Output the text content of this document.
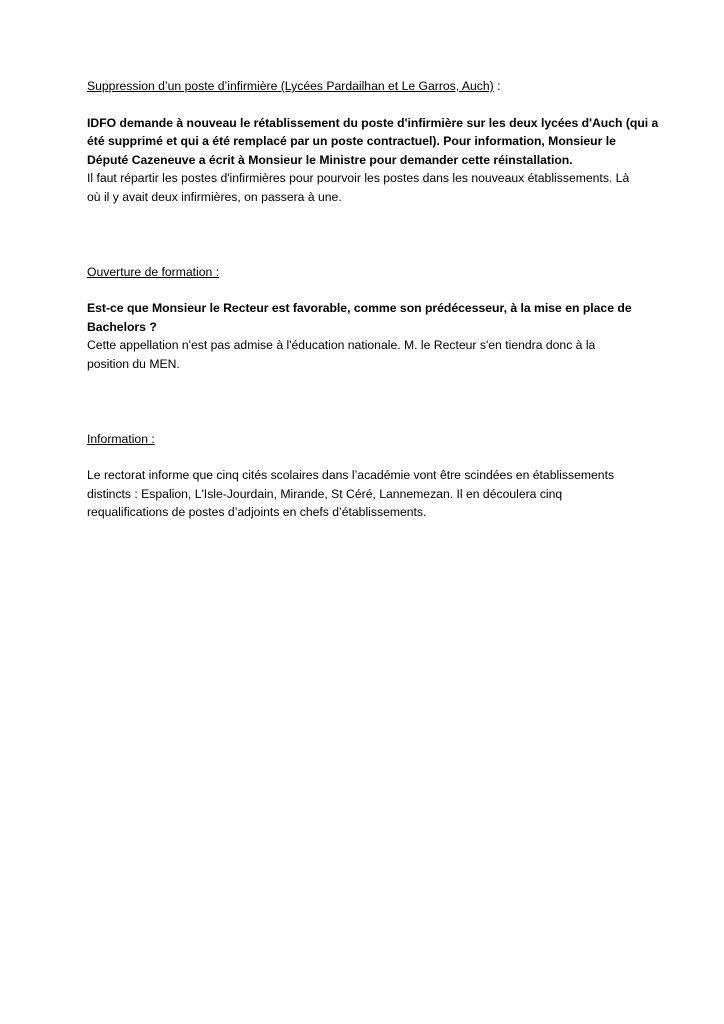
Suppression d’un poste d’infirmière (Lycées Pardailhan et Le Garros, Auch) :

IDFO demande à nouveau le rétablissement du poste d'infirmière sur les deux lycées d'Auch (qui a
été supprimé et qui a été remplacé par un poste contractuel). Pour information, Monsieur le
Député Cazeneuve a écrit à Monsieur le Ministre pour demander cette réinstallation.

Il faut répartir les postes d'infirmières pour pourvoir les postes dans les nouveaux établissements. Là
où il y avait deux infirmières, on passera à une.

Ouverture de formation :

Est-ce que Monsieur le Recteur est favorable, comme son prédécesseur, à la mise en place de
Bachelors ?

Cette appellation n'est pas admise à l'éducation nationale. M. le Recteur s'en tiendra donc à la
position du MEN.

Information :

Le rectorat informe que cinq cités scolaires dans l’académie vont être scindées en établissements
distincts : Espalion, L'Isle-Jourdain, Mirande, St Céré, Lannemezan. Il en découlera cinq
requalifications de postes d’adjoints en chefs d’établissements.
